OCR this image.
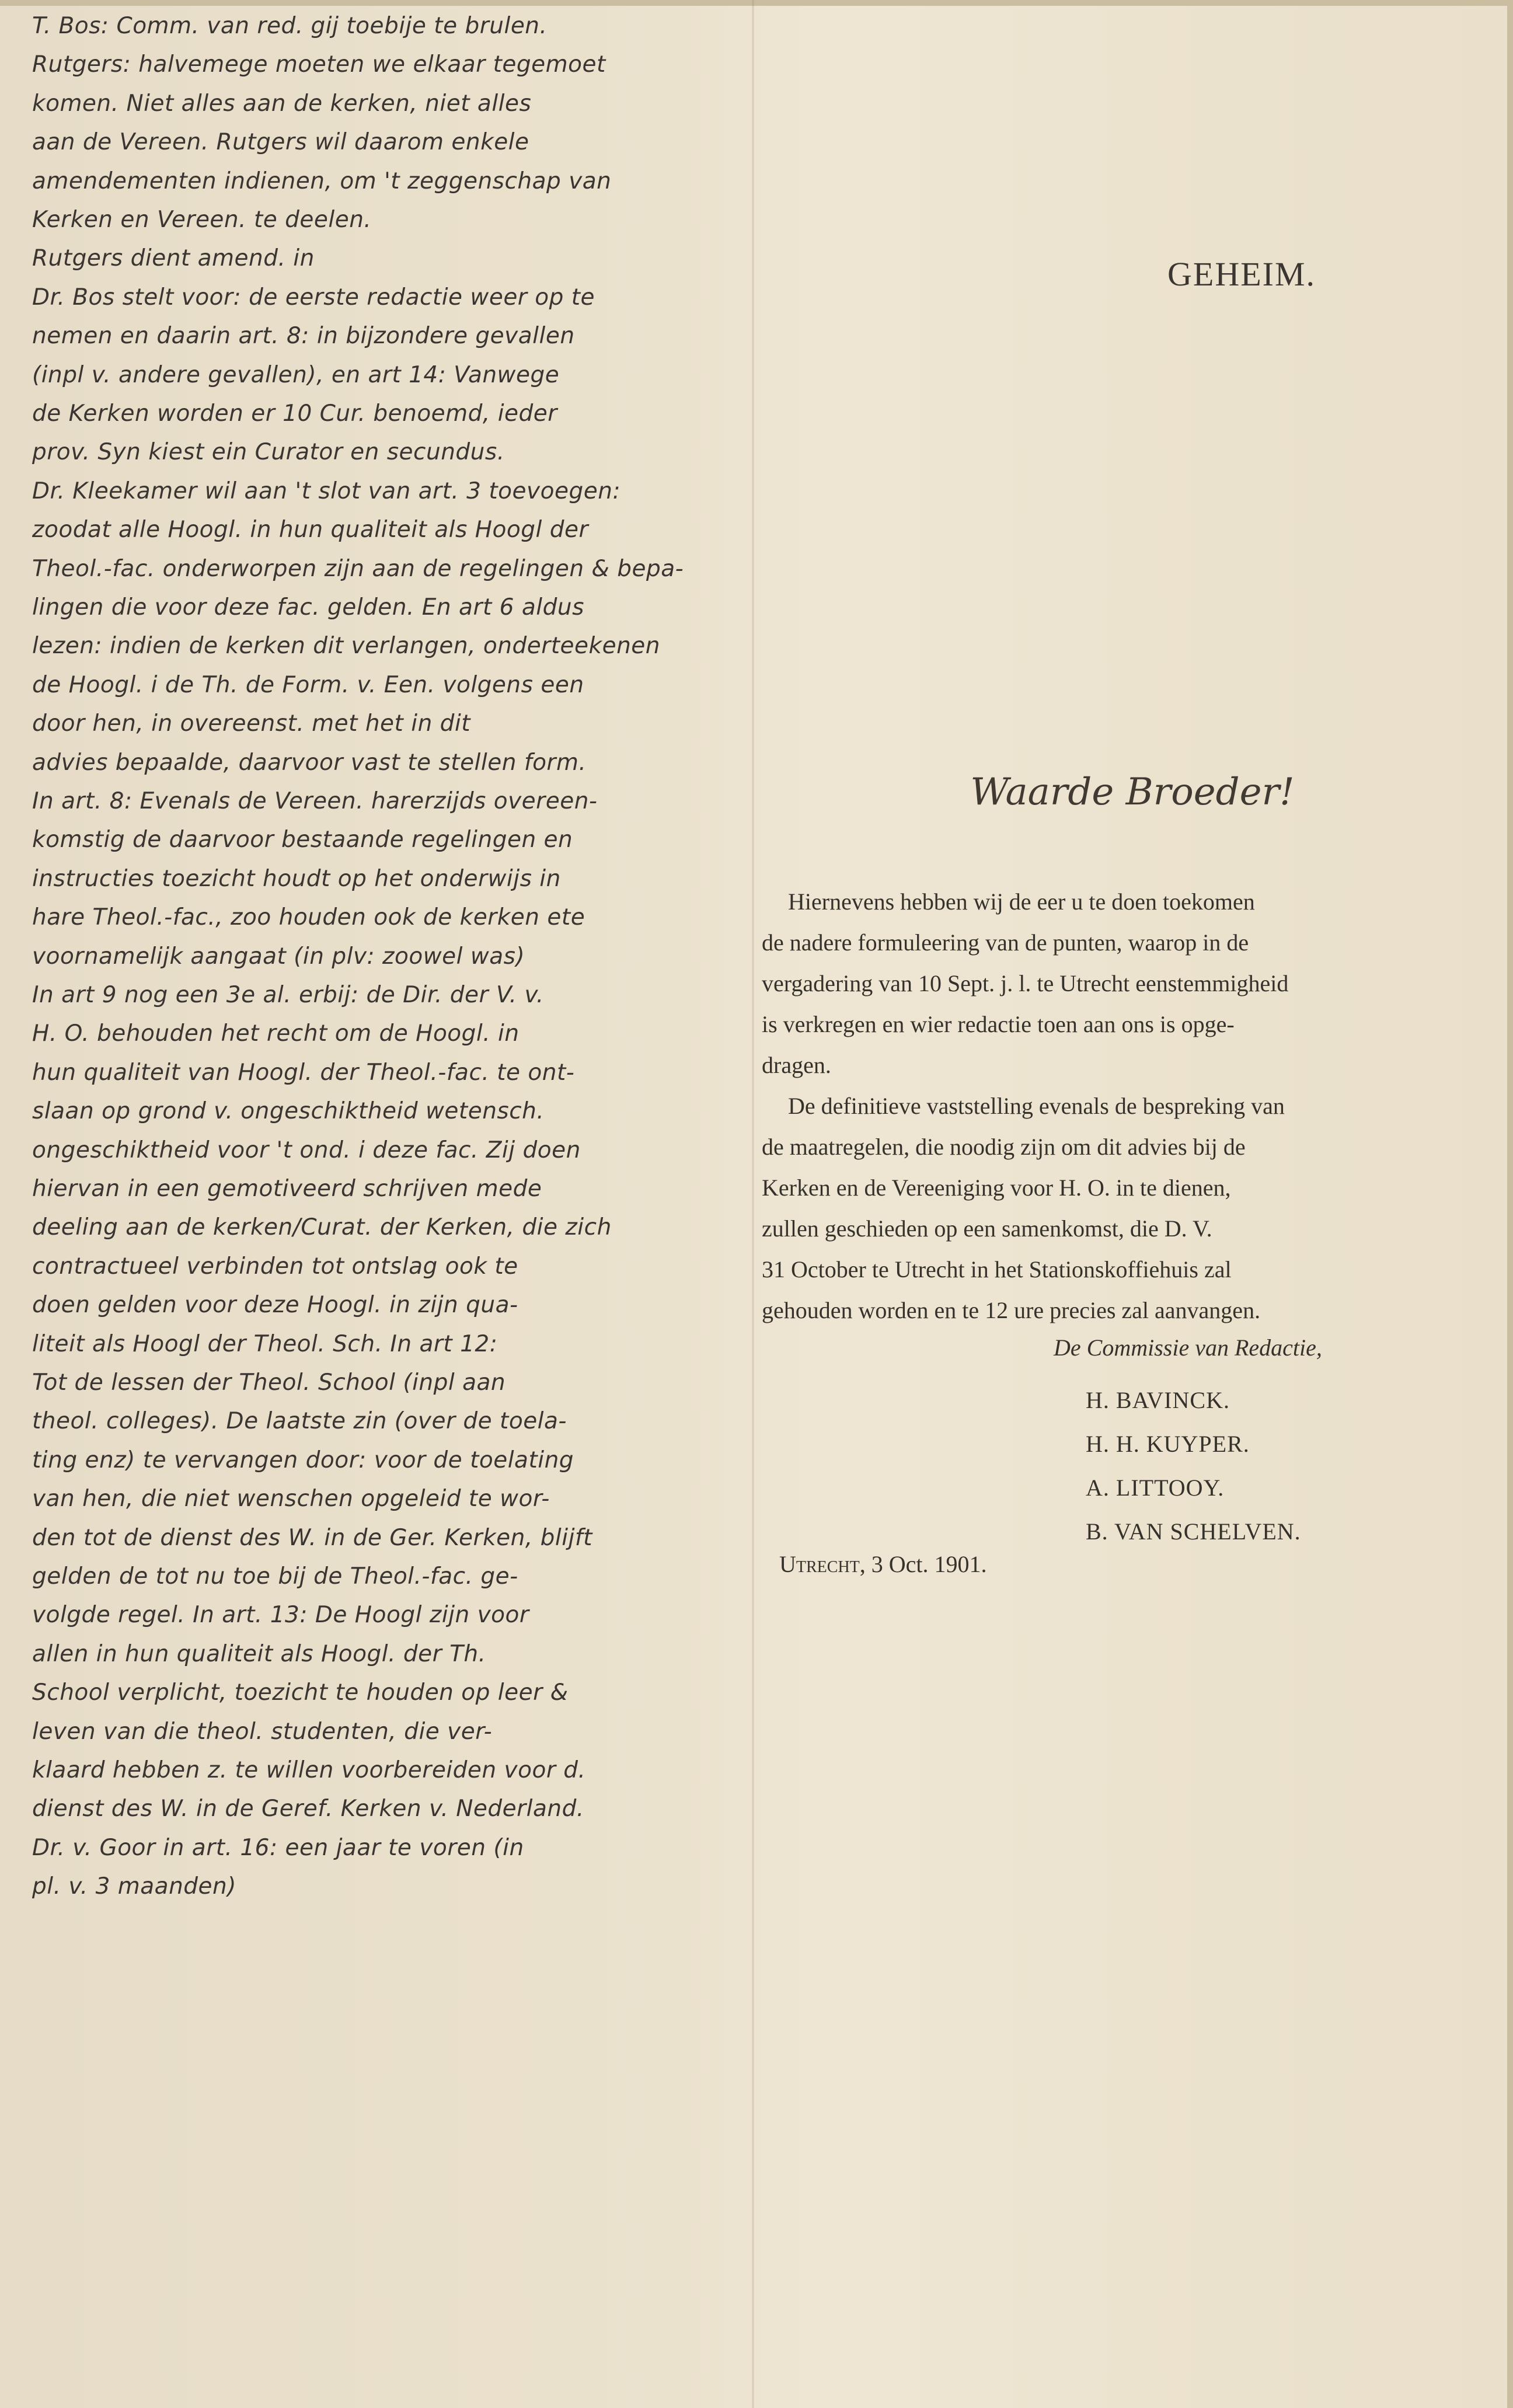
T. Bos: Comm. van red. gij toebije te brulen.
Rutgers: halvemege moeten we elkaar tegemoet
komen. Niet alles aan de kerken, niet alles
aan de Vereen. Rutgers wil daarom enkele
amendementen indienen, om 't zeggenschap van
Kerken en Vereen. te deelen.
Rutgers dient amend. in
Dr. Bos stelt voor: de eerste redactie weer op te
nemen en daarin art. 8: in bijzondere gevallen
(inpl v. andere gevallen), en art 14: Vanwege
de Kerken worden er 10 Cur. benoemd, ieder
prov. Syn kiest ein Curator en secundus.
Dr. Kleekamer wil aan 't slot van art. 3 toevoegen:
zoodat alle Hoogl. in hun qualiteit als Hoogl der
Theol.-fac. onderworpen zijn aan de regelingen & bepa-
lingen die voor deze fac. gelden. En art 6 aldus
lezen: indien de kerken dit verlangen, onderteekenen
de Hoogl. i de Th. de Form. v. Een. volgens een
door hen, in overeenst. met het in dit
advies bepaalde, daarvoor vast te stellen form.
In art. 8: Evenals de Vereen. harerzijds overeen-
komstig de daarvoor bestaande regelingen en
instructies toezicht houdt op het onderwijs in
hare Theol.-fac., zoo houden ook de kerken ete
voornamelijk aangaat (in plv: zoowel was)
In art 9 nog een 3e al. erbij: de Dir. der V. v.
H. O. behouden het recht om de Hoogl. in
hun qualiteit van Hoogl. der Theol.-fac. te ont-
slaan op grond v. ongeschiktheid wetensch.
ongeschiktheid voor 't ond. i deze fac. Zij doen
hiervan in een gemotiveerd schrijven mede
deeling aan de kerken/Curat. der Kerken, die zich
contractueel verbinden tot ontslag ook te
doen gelden voor deze Hoogl. in zijn qua-
liteit als Hoogl der Theol. Sch. In art 12:
Tot de lessen der Theol. School (inpl aan
theol. colleges). De laatste zin (over de toela-
ting enz) te vervangen door: voor de toelating
van hen, die niet wenschen opgeleid te wor-
den tot de dienst des W. in de Ger. Kerken, blijft
gelden de tot nu toe bij de Theol.-fac. ge-
volgde regel. In art. 13: De Hoogl zijn voor
allen in hun qualiteit als Hoogl. der Th.
School verplicht, toezicht te houden op leer &
leven van die theol. studenten, die ver-
klaard hebben z. te willen voorbereiden voor d.
dienst des W. in de Geref. Kerken v. Nederland.
Dr. v. Goor in art. 16: een jaar te voren (in
pl. v. 3 maanden)
GEHEIM.
Waarde Broeder!
Hiernevens hebben wij de eer u te doen toekomen
de nadere formuleering van de punten, waarop in de
vergadering van 10 Sept. j. l. te Utrecht eenstemmigheid
is verkregen en wier redactie toen aan ons is opge-
dragen.
De definitieve vaststelling evenals de bespreking van
de maatregelen, die noodig zijn om dit advies bij de
Kerken en de Vereeniging voor H. O. in te dienen,
zullen geschieden op een samenkomst, die D. V.
31 October te Utrecht in het Stationskoffiehuis zal
gehouden worden en te 12 ure precies zal aanvangen.
De Commissie van Redactie,
H. BAVINCK.
H. H. KUYPER.
A. LITTOOY.
B. VAN SCHELVEN.
Utrecht, 3 Oct. 1901.
